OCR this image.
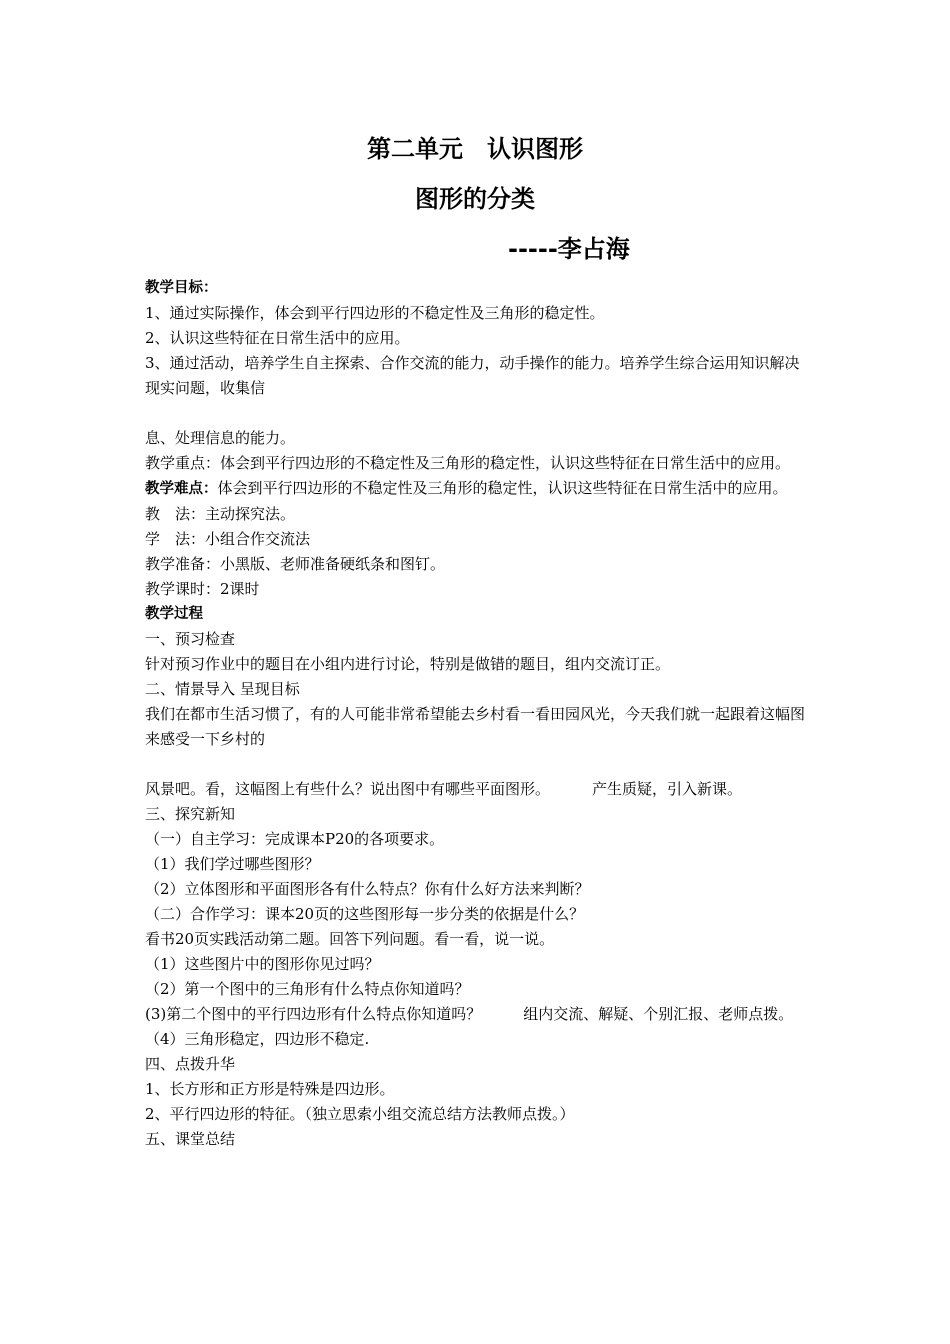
第二单元　认识图形
图形的分类
-----李占海

教学目标：

1、通过实际操作，体会到平行四边形的不稳定性及三角形的稳定性。

2、认识这些特征在日常生活中的应用。

3、通过活动，培养学生自主探索、合作交流的能力，动手操作的能力。培养学生综合运用知识解决现实问题，收集信

息、处理信息的能力。

教学重点：体会到平行四边形的不稳定性及三角形的稳定性，认识这些特征在日常生活中的应用。

教学难点：体会到平行四边形的不稳定性及三角形的稳定性，认识这些特征在日常生活中的应用。

教　法：主动探究法。

学　法：小组合作交流法

教学准备：小黑版、老师准备硬纸条和图钉。

教学课时：2课时

教学过程

一、预习检查

针对预习作业中的题目在小组内进行讨论，特别是做错的题目，组内交流订正。

二、情景导入 呈现目标

我们在都市生活习惯了，有的人可能非常希望能去乡村看一看田园风光，今天我们就一起跟着这幅图来感受一下乡村的

风景吧。看，这幅图上有些什么？说出图中有哪些平面图形。	产生质疑，引入新课。

三、探究新知

（一）自主学习：完成课本P20的各项要求。

（1）我们学过哪些图形？

（2）立体图形和平面图形各有什么特点？你有什么好方法来判断？

（二）合作学习：课本20页的这些图形每一步分类的依据是什么？

看书20页实践活动第二题。回答下列问题。看一看，说一说。

（1）这些图片中的图形你见过吗？

（2）第一个图中的三角形有什么特点你知道吗？

(3)第二个图中的平行四边形有什么特点你知道吗？	组内交流、解疑、个别汇报、老师点拨。

（4）三角形稳定，四边形不稳定.

四、点拨升华

1、长方形和正方形是特殊是四边形。

2、平行四边形的特征。（独立思索小组交流总结方法教师点拨。）

五、课堂总结
